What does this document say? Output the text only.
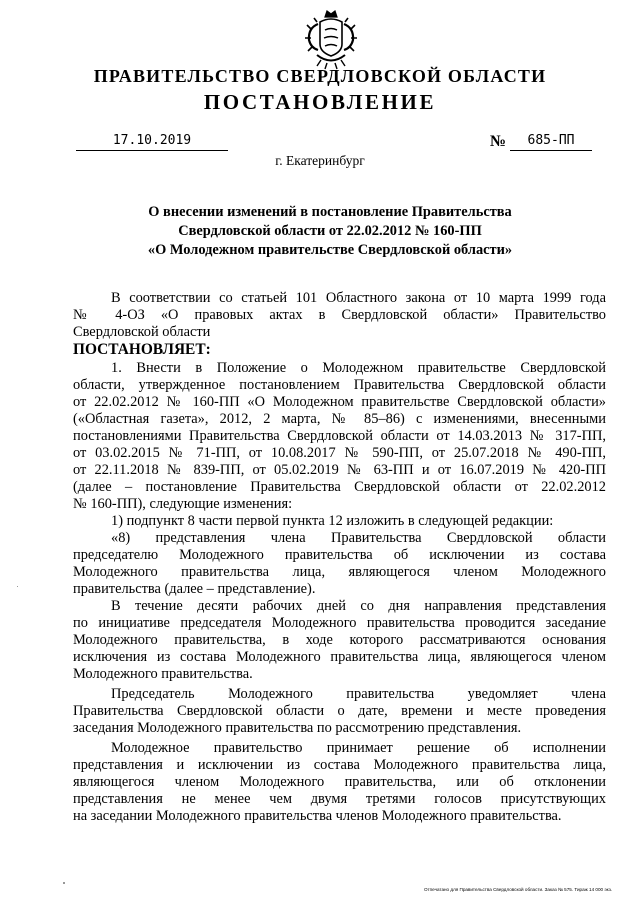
ПРАВИТЕЛЬСТВО СВЕРДЛОВСКОЙ ОБЛАСТИ
ПОСТАНОВЛЕНИЕ
17.10.2019	№	685-ПП
г. Екатеринбург
О внесении изменений в постановление Правительства
Свердловской области от 22.02.2012 № 160-ПП
«О Молодежном правительстве Свердловской области»
В соответствии со статьей 101 Областного закона от 10 марта 1999 года
№ 4-ОЗ «О правовых актах в Свердловской области» Правительство
Свердловской области
ПОСТАНОВЛЯЕТ:
1. Внести в Положение о Молодежном правительстве Свердловской
области, утвержденное постановлением Правительства Свердловской области
от 22.02.2012 № 160-ПП «О Молодежном правительстве Свердловской области»
(«Областная газета», 2012, 2 марта, № 85–86) с изменениями, внесенными
постановлениями Правительства Свердловской области от 14.03.2013 № 317-ПП,
от 03.02.2015 № 71-ПП, от 10.08.2017 № 590-ПП, от 25.07.2018 № 490-ПП,
от 22.11.2018 № 839-ПП, от 05.02.2019 № 63-ПП и от 16.07.2019 № 420-ПП
(далее – постановление Правительства Свердловской области от 22.02.2012
№ 160-ПП), следующие изменения:
1) подпункт 8 части первой пункта 12 изложить в следующей редакции:
«8) представления члена Правительства Свердловской области
председателю Молодежного правительства об исключении из состава
Молодежного правительства лица, являющегося членом Молодежного
правительства (далее – представление).
В течение десяти рабочих дней со дня направления представления
по инициативе председателя Молодежного правительства проводится заседание
Молодежного правительства, в ходе которого рассматриваются основания
исключения из состава Молодежного правительства лица, являющегося членом
Молодежного правительства.
Председатель Молодежного правительства уведомляет члена
Правительства Свердловской области о дате, времени и месте проведения
заседания Молодежного правительства по рассмотрению представления.
Молодежное правительство принимает решение об исполнении
представления и исключении из состава Молодежного правительства лица,
являющегося членом Молодежного правительства, или об отклонении
представления не менее чем двумя третями голосов присутствующих
на заседании Молодежного правительства членов Молодежного правительства.
Отпечатано для Правительства Свердловской области. Заказ № 575. Тираж 14 000 экз.
